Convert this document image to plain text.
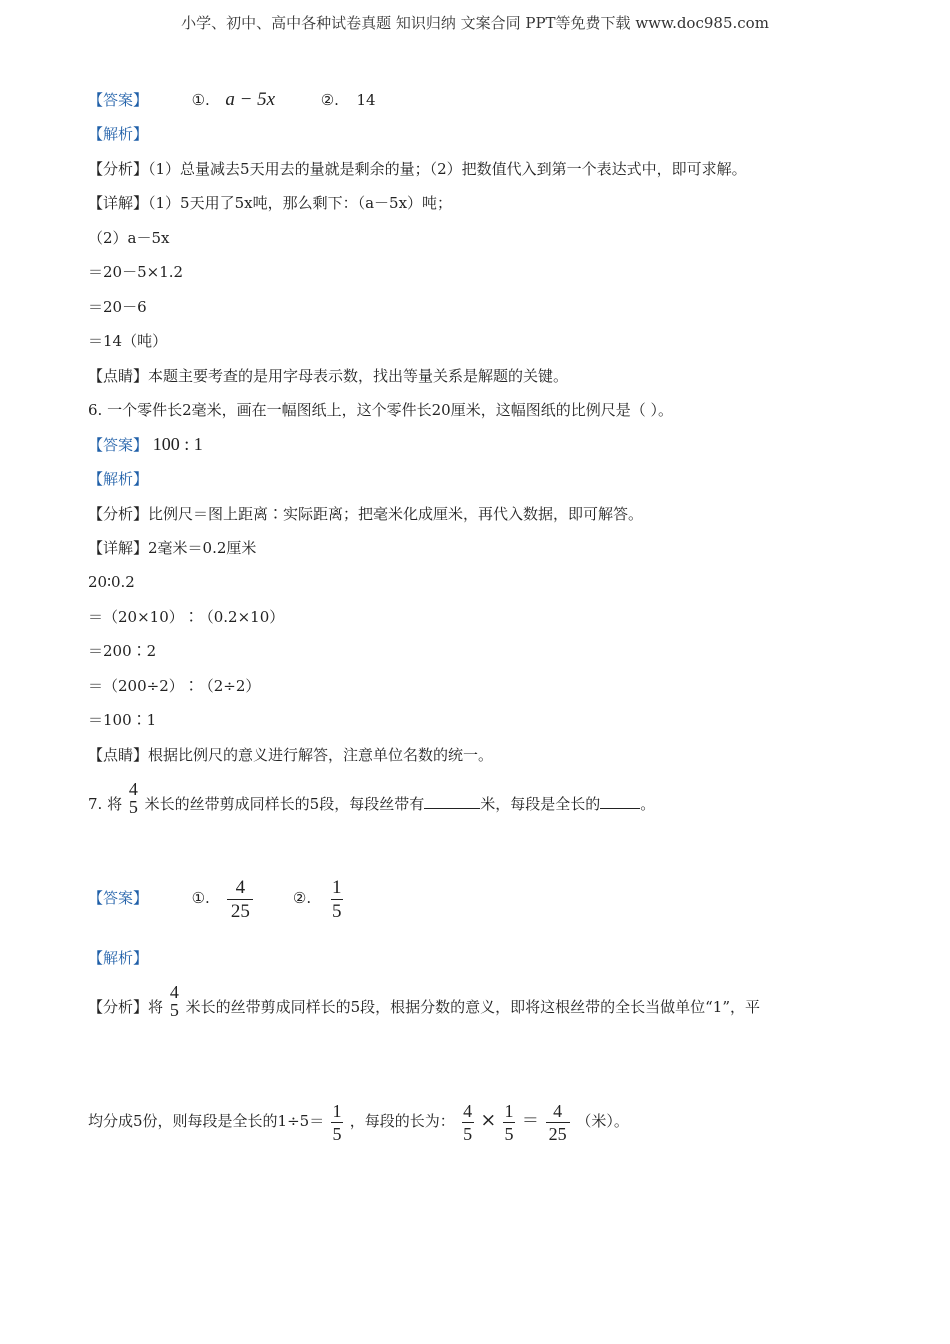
小学、初中、高中各种试卷真题 知识归纳 文案合同 PPT等免费下载 www.doc985.com
【答案】	①. a − 5x	②. 14
【解析】
【分析】（1）总量减去5天用去的量就是剩余的量；（2）把数值代入到第一个表达式中，即可求解。
【详解】（1）5天用了5x吨，那么剩下：（a－5x）吨；
（2）a－5x
＝20－5×1.2
＝20－6
＝14（吨）
【点睛】本题主要考查的是用字母表示数，找出等量关系是解题的关键。
6. 一个零件长2毫米，画在一幅图纸上，这个零件长20厘米，这幅图纸的比例尺是（ ）。
【答案】 100 : 1
【解析】
【分析】比例尺＝图上距离∶实际距离；把毫米化成厘米，再代入数据，即可解答。
【详解】2毫米＝0.2厘米
20∶0.2
＝（20×10）∶（0.2×10）
＝200∶2
＝（200÷2）∶（2÷2）
＝100∶1
【点睛】根据比例尺的意义进行解答，注意单位名数的统一。
7. 将
4
5 米长的丝带剪成同样长的5段，每段丝带有	米，每段是全长的	。
【答案】	①. $\frac{4}{25}$	②. $\frac{1}{5}$
【解析】
【分析】将
4
5 米长的丝带剪成同样长的5段，根据分数的意义，即将这根丝带的全长当做单位“1”，平
均分成5份，则每段是全长的$1\div 5= \frac{1}{5}$ ，每段的长为： $\frac{4}{5} \times \frac{1}{5} = \frac{4}{25}$ （米）。
